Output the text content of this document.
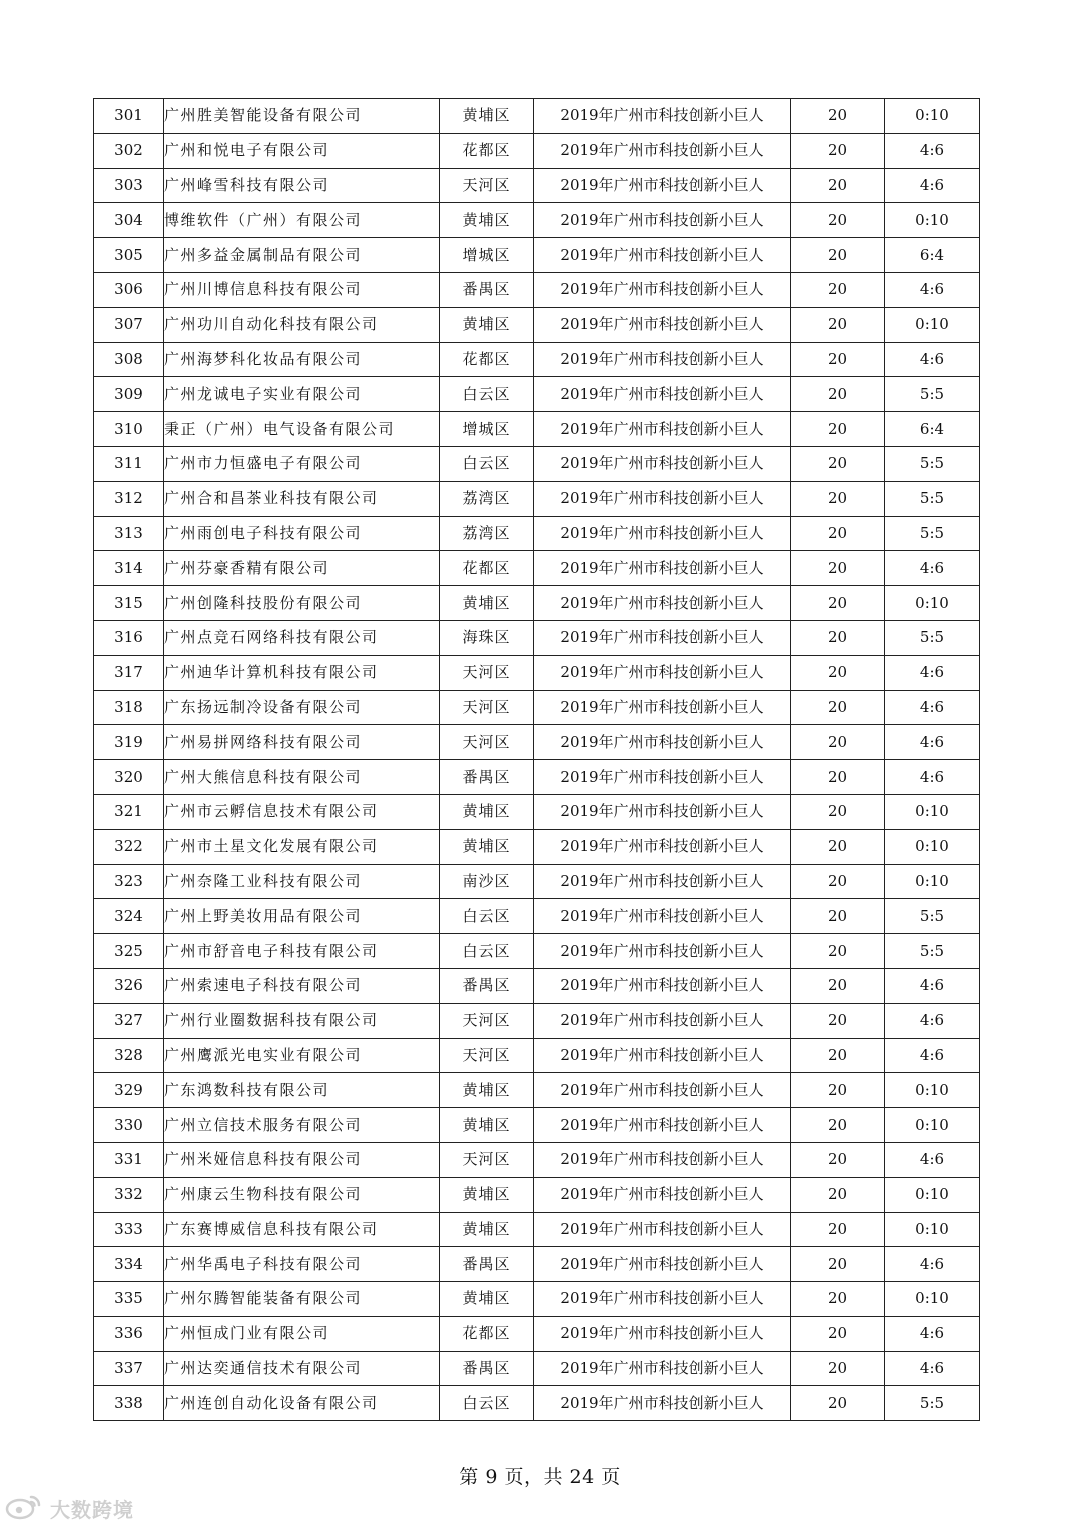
301	广州胜美智能设备有限公司	黄埔区	2019年广州市科技创新小巨人	20	0:10
302	广州和悦电子有限公司	花都区	2019年广州市科技创新小巨人	20	4:6
303	广州峰雪科技有限公司	天河区	2019年广州市科技创新小巨人	20	4:6
304	博维软件（广州）有限公司	黄埔区	2019年广州市科技创新小巨人	20	0:10
305	广州多益金属制品有限公司	增城区	2019年广州市科技创新小巨人	20	6:4
306	广州川博信息科技有限公司	番禺区	2019年广州市科技创新小巨人	20	4:6
307	广州功川自动化科技有限公司	黄埔区	2019年广州市科技创新小巨人	20	0:10
308	广州海梦科化妆品有限公司	花都区	2019年广州市科技创新小巨人	20	4:6
309	广州龙诚电子实业有限公司	白云区	2019年广州市科技创新小巨人	20	5:5
310	秉正（广州）电气设备有限公司	增城区	2019年广州市科技创新小巨人	20	6:4
311	广州市力恒盛电子有限公司	白云区	2019年广州市科技创新小巨人	20	5:5
312	广州合和昌茶业科技有限公司	荔湾区	2019年广州市科技创新小巨人	20	5:5
313	广州雨创电子科技有限公司	荔湾区	2019年广州市科技创新小巨人	20	5:5
314	广州芬豪香精有限公司	花都区	2019年广州市科技创新小巨人	20	4:6
315	广州创隆科技股份有限公司	黄埔区	2019年广州市科技创新小巨人	20	0:10
316	广州点竞石网络科技有限公司	海珠区	2019年广州市科技创新小巨人	20	5:5
317	广州迪华计算机科技有限公司	天河区	2019年广州市科技创新小巨人	20	4:6
318	广东扬远制冷设备有限公司	天河区	2019年广州市科技创新小巨人	20	4:6
319	广州易拼网络科技有限公司	天河区	2019年广州市科技创新小巨人	20	4:6
320	广州大熊信息科技有限公司	番禺区	2019年广州市科技创新小巨人	20	4:6
321	广州市云孵信息技术有限公司	黄埔区	2019年广州市科技创新小巨人	20	0:10
322	广州市土星文化发展有限公司	黄埔区	2019年广州市科技创新小巨人	20	0:10
323	广州奈隆工业科技有限公司	南沙区	2019年广州市科技创新小巨人	20	0:10
324	广州上野美妆用品有限公司	白云区	2019年广州市科技创新小巨人	20	5:5
325	广州市舒音电子科技有限公司	白云区	2019年广州市科技创新小巨人	20	5:5
326	广州索速电子科技有限公司	番禺区	2019年广州市科技创新小巨人	20	4:6
327	广州行业圈数据科技有限公司	天河区	2019年广州市科技创新小巨人	20	4:6
328	广州鹰派光电实业有限公司	天河区	2019年广州市科技创新小巨人	20	4:6
329	广东鸿数科技有限公司	黄埔区	2019年广州市科技创新小巨人	20	0:10
330	广州立信技术服务有限公司	黄埔区	2019年广州市科技创新小巨人	20	0:10
331	广州米娅信息科技有限公司	天河区	2019年广州市科技创新小巨人	20	4:6
332	广州康云生物科技有限公司	黄埔区	2019年广州市科技创新小巨人	20	0:10
333	广东赛博威信息科技有限公司	黄埔区	2019年广州市科技创新小巨人	20	0:10
334	广州华禹电子科技有限公司	番禺区	2019年广州市科技创新小巨人	20	4:6
335	广州尔腾智能装备有限公司	黄埔区	2019年广州市科技创新小巨人	20	0:10
336	广州恒成门业有限公司	花都区	2019年广州市科技创新小巨人	20	4:6
337	广州达奕通信技术有限公司	番禺区	2019年广州市科技创新小巨人	20	4:6
338	广州连创自动化设备有限公司	白云区	2019年广州市科技创新小巨人	20	5:5
第 9 页，共 24 页
大数跨境
